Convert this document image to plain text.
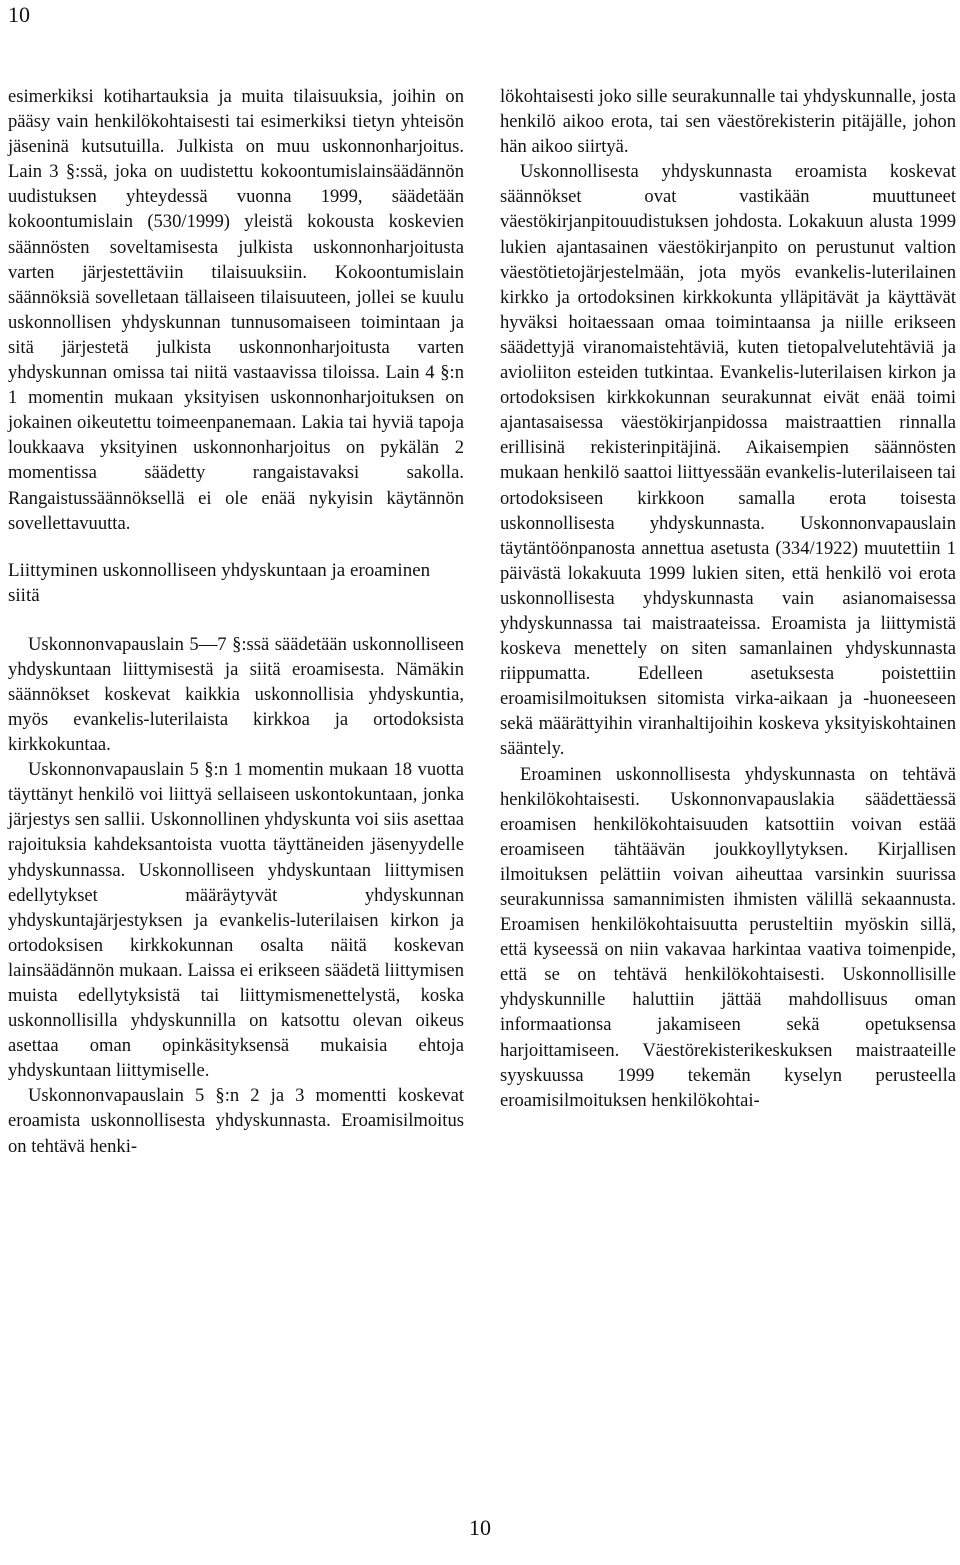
10

esimerkiksi kotihartauksia ja muita tilaisuuksia, joihin on pääsy vain henkilökohtaisesti tai esimerkiksi tietyn yhteisön jäseninä kutsutuilla. Julkista on muu uskonnonharjoitus. Lain 3 §:ssä, joka on uudistettu kokoontumislainsäädännön uudistuksen yhteydessä vuonna 1999, säädetään kokoontumislain (530/1999) yleistä kokousta koskevien säännösten soveltamisesta julkista uskonnonharjoitusta varten järjestettäviin tilaisuuksiin. Kokoontumislain säännöksiä sovelletaan tällaiseen tilaisuuteen, jollei se kuulu uskonnollisen yhdyskunnan tunnusomaiseen toimintaan ja sitä järjestetä julkista uskonnonharjoitusta varten yhdyskunnan omissa tai niitä vastaavissa tiloissa. Lain 4 §:n 1 momentin mukaan yksityisen uskonnonharjoituksen on jokainen oikeutettu toimeenpanemaan. Lakia tai hyviä tapoja loukkaava yksityinen uskonnonharjoitus on pykälän 2 momentissa säädetty rangaistavaksi sakolla. Rangaistussäännöksellä ei ole enää nykyisin käytännön sovellettavuutta.

Liittyminen uskonnolliseen yhdyskuntaan ja eroaminen siitä

Uskonnonvapauslain 5—7 §:ssä säädetään uskonnolliseen yhdyskuntaan liittymisestä ja siitä eroamisesta. Nämäkin säännökset koskevat kaikkia uskonnollisia yhdyskuntia, myös evankelis-luterilaista kirkkoa ja ortodoksista kirkkokuntaa.

Uskonnonvapauslain 5 §:n 1 momentin mukaan 18 vuotta täyttänyt henkilö voi liittyä sellaiseen uskontokuntaan, jonka järjestys sen sallii. Uskonnollinen yhdyskunta voi siis asettaa rajoituksia kahdeksantoista vuotta täyttäneiden jäsenyydelle yhdyskunnassa. Uskonnolliseen yhdyskuntaan liittymisen edellytykset määräytyvät yhdyskunnan yhdyskuntajärjestyksen ja evankelis-luterilaisen kirkon ja ortodoksisen kirkkokunnan osalta näitä koskevan lainsäädännön mukaan. Laissa ei erikseen säädetä liittymisen muista edellytyksistä tai liittymismenettelystä, koska uskonnollisilla yhdyskunnilla on katsottu olevan oikeus asettaa oman opinkäsityksensä mukaisia ehtoja yhdyskuntaan liittymiselle.

Uskonnonvapauslain 5 §:n 2 ja 3 momentti koskevat eroamista uskonnollisesta yhdyskunnasta. Eroamisilmoitus on tehtävä henki-

lökohtaisesti joko sille seurakunnalle tai yhdyskunnalle, josta henkilö aikoo erota, tai sen väestörekisterin pitäjälle, johon hän aikoo siirtyä.

Uskonnollisesta yhdyskunnasta eroamista koskevat säännökset ovat vastikään muuttuneet väestökirjanpitouudistuksen johdosta. Lokakuun alusta 1999 lukien ajantasainen väestökirjanpito on perustunut valtion väestötietojärjestelmään, jota myös evankelis-luterilainen kirkko ja ortodoksinen kirkkokunta ylläpitävät ja käyttävät hyväksi hoitaessaan omaa toimintaansa ja niille erikseen säädettyjä viranomaistehtäviä, kuten tietopalvelutehtäviä ja avioliiton esteiden tutkintaa. Evankelis-luterilaisen kirkon ja ortodoksisen kirkkokunnan seurakunnat eivät enää toimi ajantasaisessa väestökirjanpidossa maistraattien rinnalla erillisinä rekisterinpitäjinä. Aikaisempien säännösten mukaan henkilö saattoi liittyessään evankelis-luterilaiseen tai ortodoksiseen kirkkoon samalla erota toisesta uskonnollisesta yhdyskunnasta. Uskonnonvapauslain täytäntöönpanosta annettua asetusta (334/1922) muutettiin 1 päivästä lokakuuta 1999 lukien siten, että henkilö voi erota uskonnollisesta yhdyskunnasta vain asianomaisessa yhdyskunnassa tai maistraateissa. Eroamista ja liittymistä koskeva menettely on siten samanlainen yhdyskunnasta riippumatta. Edelleen asetuksesta poistettiin eroamisilmoituksen sitomista virka-aikaan ja -huoneeseen sekä määrättyihin viranhaltijoihin koskeva yksityiskohtainen sääntely.

Eroaminen uskonnollisesta yhdyskunnasta on tehtävä henkilökohtaisesti. Uskonnonvapauslakia säädettäessä eroamisen henkilökohtaisuuden katsottiin voivan estää eroamiseen tähtäävän joukkoyllytyksen. Kirjallisen ilmoituksen pelättiin voivan aiheuttaa varsinkin suurissa seurakunnissa samannimisten ihmisten välillä sekaannusta. Eroamisen henkilökohtaisuutta perusteltiin myöskin sillä, että kyseessä on niin vakavaa harkintaa vaativa toimenpide, että se on tehtävä henkilökohtaisesti. Uskonnollisille yhdyskunnille haluttiin jättää mahdollisuus oman informaationsa jakamiseen sekä opetuksensa harjoittamiseen. Väestörekisterikeskuksen maistraateille syyskuussa 1999 tekemän kyselyn perusteella eroamisilmoituksen henkilökohtai-

10
